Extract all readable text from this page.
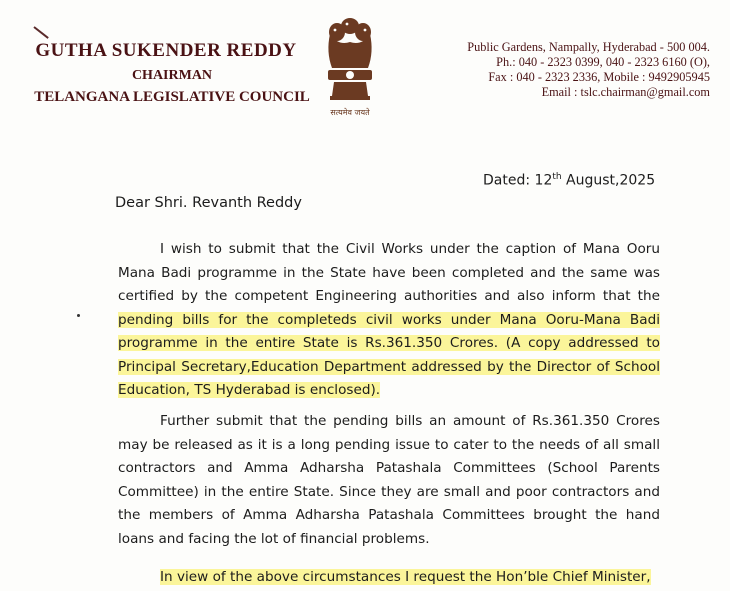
GUTHA SUKENDER REDDY
CHAIRMAN
TELANGANA LEGISLATIVE COUNCIL
सत्यमेव जयते
Public Gardens, Nampally, Hyderabad - 500 004.
Ph.: 040 - 2323 0399, 040 - 2323 6160 (O),
Fax : 040 - 2323 2336, Mobile : 9492905945
Email : tslc.chairman@gmail.com
Dated: 12th August,2025
Dear Shri. Revanth Reddy

I wish to submit that the Civil Works under the caption of Mana Ooru Mana Badi programme in the State have been completed and the same was certified by the competent Engineering authorities and also inform that the pending bills for the completeds civil works under Mana Ooru-Mana Badi programme in the entire State is Rs.361.350 Crores. (A copy addressed to Principal Secretary,Education Department addressed by the Director of School Education, TS Hyderabad is enclosed).

Further submit that the pending bills an amount of Rs.361.350 Crores may be released as it is a long pending issue to cater to the needs of all small contractors and Amma Adharsha Patashala Committees (School Parents Committee) in the entire State. Since they are small and poor contractors and the members of Amma Adharsha Patashala Committees brought the hand loans and facing the lot of financial problems.

In view of the above circumstances I request the Hon’ble Chief Minister,
